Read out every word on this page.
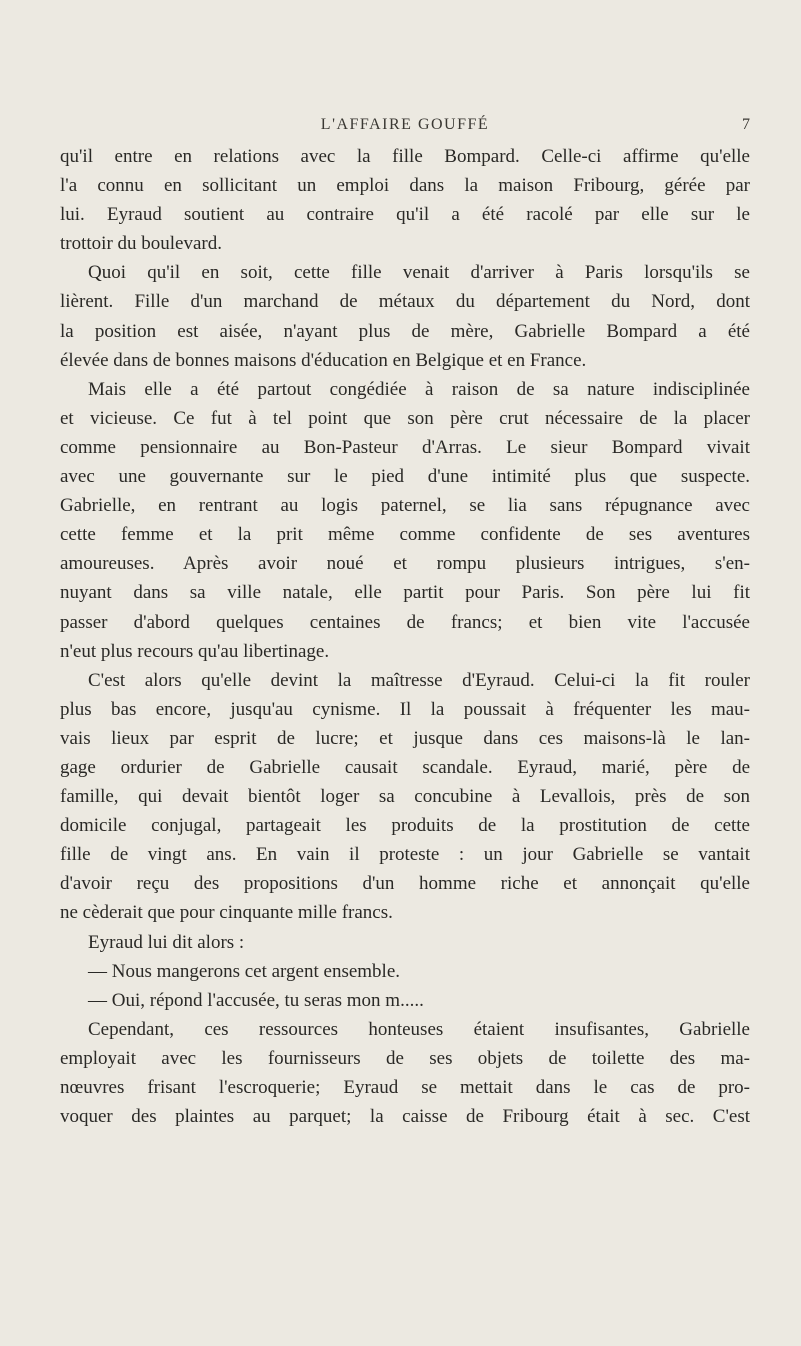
L'AFFAIRE GOUFFÉ	7
qu'il entre en relations avec la fille Bompard. Celle-ci affirme qu'elle
l'a connu en sollicitant un emploi dans la maison Fribourg, gérée par
lui. Eyraud soutient au contraire qu'il a été racolé par elle sur le
trottoir du boulevard.
Quoi qu'il en soit, cette fille venait d'arriver à Paris lorsqu'ils se
lièrent. Fille d'un marchand de métaux du département du Nord, dont
la position est aisée, n'ayant plus de mère, Gabrielle Bompard a été
élevée dans de bonnes maisons d'éducation en Belgique et en France.
Mais elle a été partout congédiée à raison de sa nature indisciplinée
et vicieuse. Ce fut à tel point que son père crut nécessaire de la placer
comme pensionnaire au Bon-Pasteur d'Arras. Le sieur Bompard vivait
avec une gouvernante sur le pied d'une intimité plus que suspecte.
Gabrielle, en rentrant au logis paternel, se lia sans répugnance avec
cette femme et la prit même comme confidente de ses aventures
amoureuses. Après avoir noué et rompu plusieurs intrigues, s'en-
nuyant dans sa ville natale, elle partit pour Paris. Son père lui fit
passer d'abord quelques centaines de francs; et bien vite l'accusée
n'eut plus recours qu'au libertinage.
C'est alors qu'elle devint la maîtresse d'Eyraud. Celui-ci la fit rouler
plus bas encore, jusqu'au cynisme. Il la poussait à fréquenter les mau-
vais lieux par esprit de lucre; et jusque dans ces maisons-là le lan-
gage ordurier de Gabrielle causait scandale. Eyraud, marié, père de
famille, qui devait bientôt loger sa concubine à Levallois, près de son
domicile conjugal, partageait les produits de la prostitution de cette
fille de vingt ans. En vain il proteste : un jour Gabrielle se vantait
d'avoir reçu des propositions d'un homme riche et annonçait qu'elle
ne cèderait que pour cinquante mille francs.
Eyraud lui dit alors :
— Nous mangerons cet argent ensemble.
— Oui, répond l'accusée, tu seras mon m.....
Cependant, ces ressources honteuses étaient insufisantes, Gabrielle
employait avec les fournisseurs de ses objets de toilette des ma-
nœuvres frisant l'escroquerie; Eyraud se mettait dans le cas de pro-
voquer des plaintes au parquet; la caisse de Fribourg était à sec. C'est
